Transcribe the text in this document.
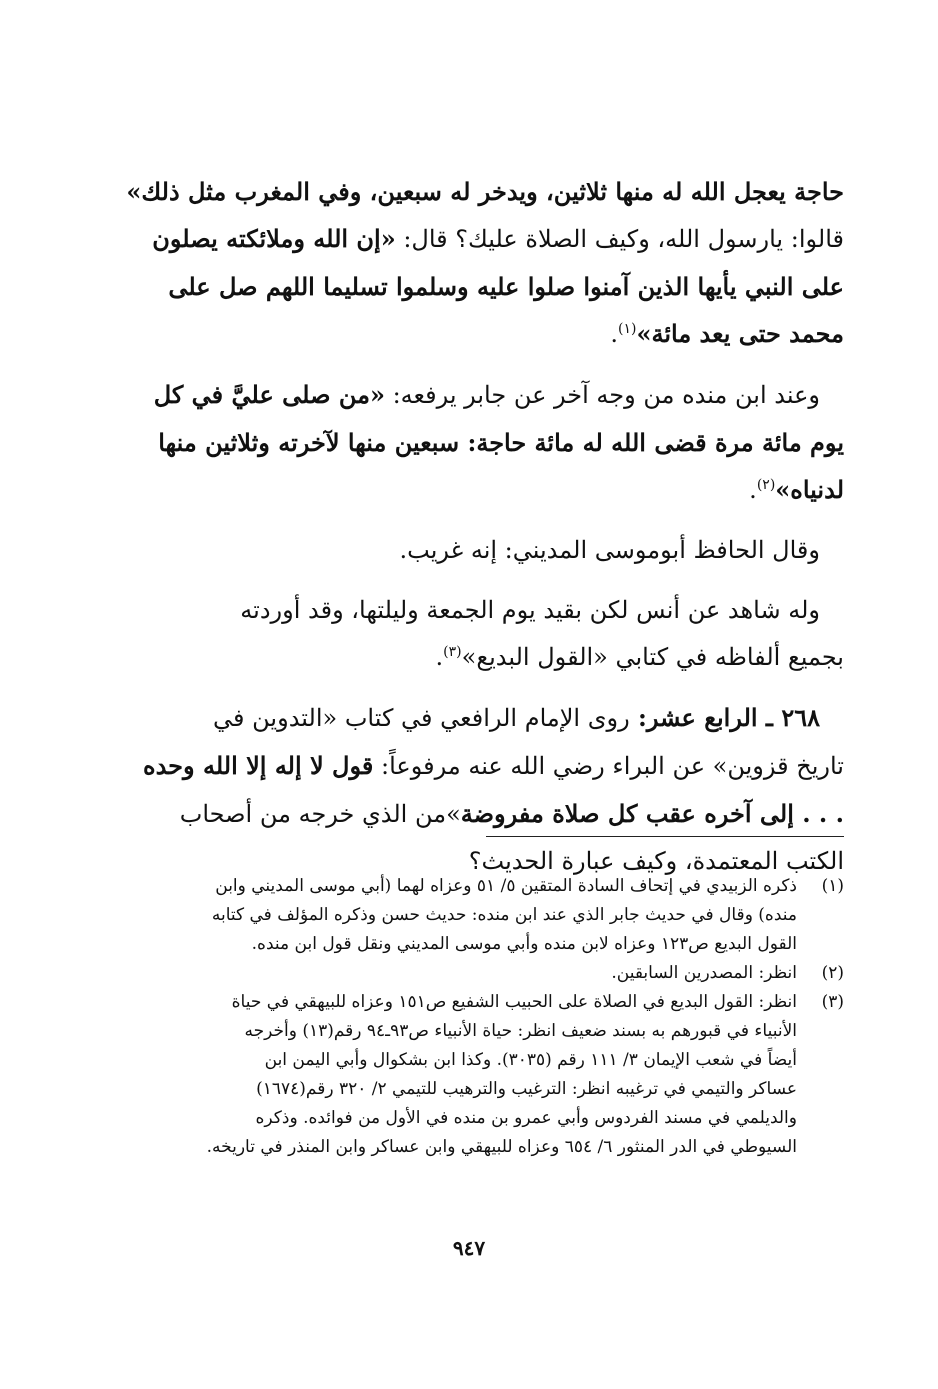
حاجة يعجل الله له منها ثلاثين، ويدخر له سبعين، وفي المغرب مثل ذلك»
قالوا: يارسول الله، وكيف الصلاة عليك؟ قال: «إن الله وملائكته يصلون
على النبي يأيها الذين آمنوا صلوا عليه وسلموا تسليما اللهم صل على
محمد حتى يعد مائة»$^{(١)}$.

 وعند ابن منده من وجه آخر عن جابر يرفعه: «من صلى عليَّ في كل
يوم مائة مرة قضى الله له مائة حاجة: سبعين منها لآخرته وثلاثين منها
لدنياه»$^{(٢)}$.

 وقال الحافظ أبوموسى المديني: إنه غريب.

 وله شاهد عن أنس لكن بقيد يوم الجمعة وليلتها، وقد أوردته
بجميع ألفاظه في كتابي «القول البديع»$^{(٣)}$.

 ٢٦٨ ـ الرابع عشر: روى الإمام الرافعي في كتاب «التدوين في
تاريخ قزوين» عن البراء رضي الله عنه مرفوعاً: قول لا إله إلا الله وحده
. . . إلى آخره عقب كل صلاة مفروضة»من الذي خرجه من أصحاب
الكتب المعتمدة، وكيف عبارة الحديث؟

(١)
ذكره الزبيدي في إتحاف السادة المتقين ٥/ ٥١ وعزاه لهما (أبي موسى المديني وابن
منده) وقال في حديث جابر الذي عند ابن منده: حديث حسن وذكره المؤلف في كتابه
القول البديع ص١٢٣ وعزاه لابن منده وأبي موسى المديني ونقل قول ابن منده.
(٢)
انظر: المصدرين السابقين.
(٣)
انظر: القول البديع في الصلاة على الحبيب الشفيع ص١٥١ وعزاه للبيهقي في حياة
الأنبياء في قبورهم به بسند ضعيف انظر: حياة الأنبياء ص٩٣ـ٩٤ رقم(١٣) وأخرجه
أيضاً في شعب الإيمان ٣/ ١١١ رقم (٣٠٣٥). وكذا ابن بشكوال وأبي اليمن ابن
عساكر والتيمي في ترغيبه انظر: الترغيب والترهيب للتيمي ٢/ ٣٢٠ رقم(١٦٧٤)
والديلمي في مسند الفردوس وأبي عمرو بن منده في الأول من فوائده. وذكره
السيوطي في الدر المنثور ٦/ ٦٥٤ وعزاه للبيهقي وابن عساكر وابن المنذر في تاريخه.
٩٤٧
